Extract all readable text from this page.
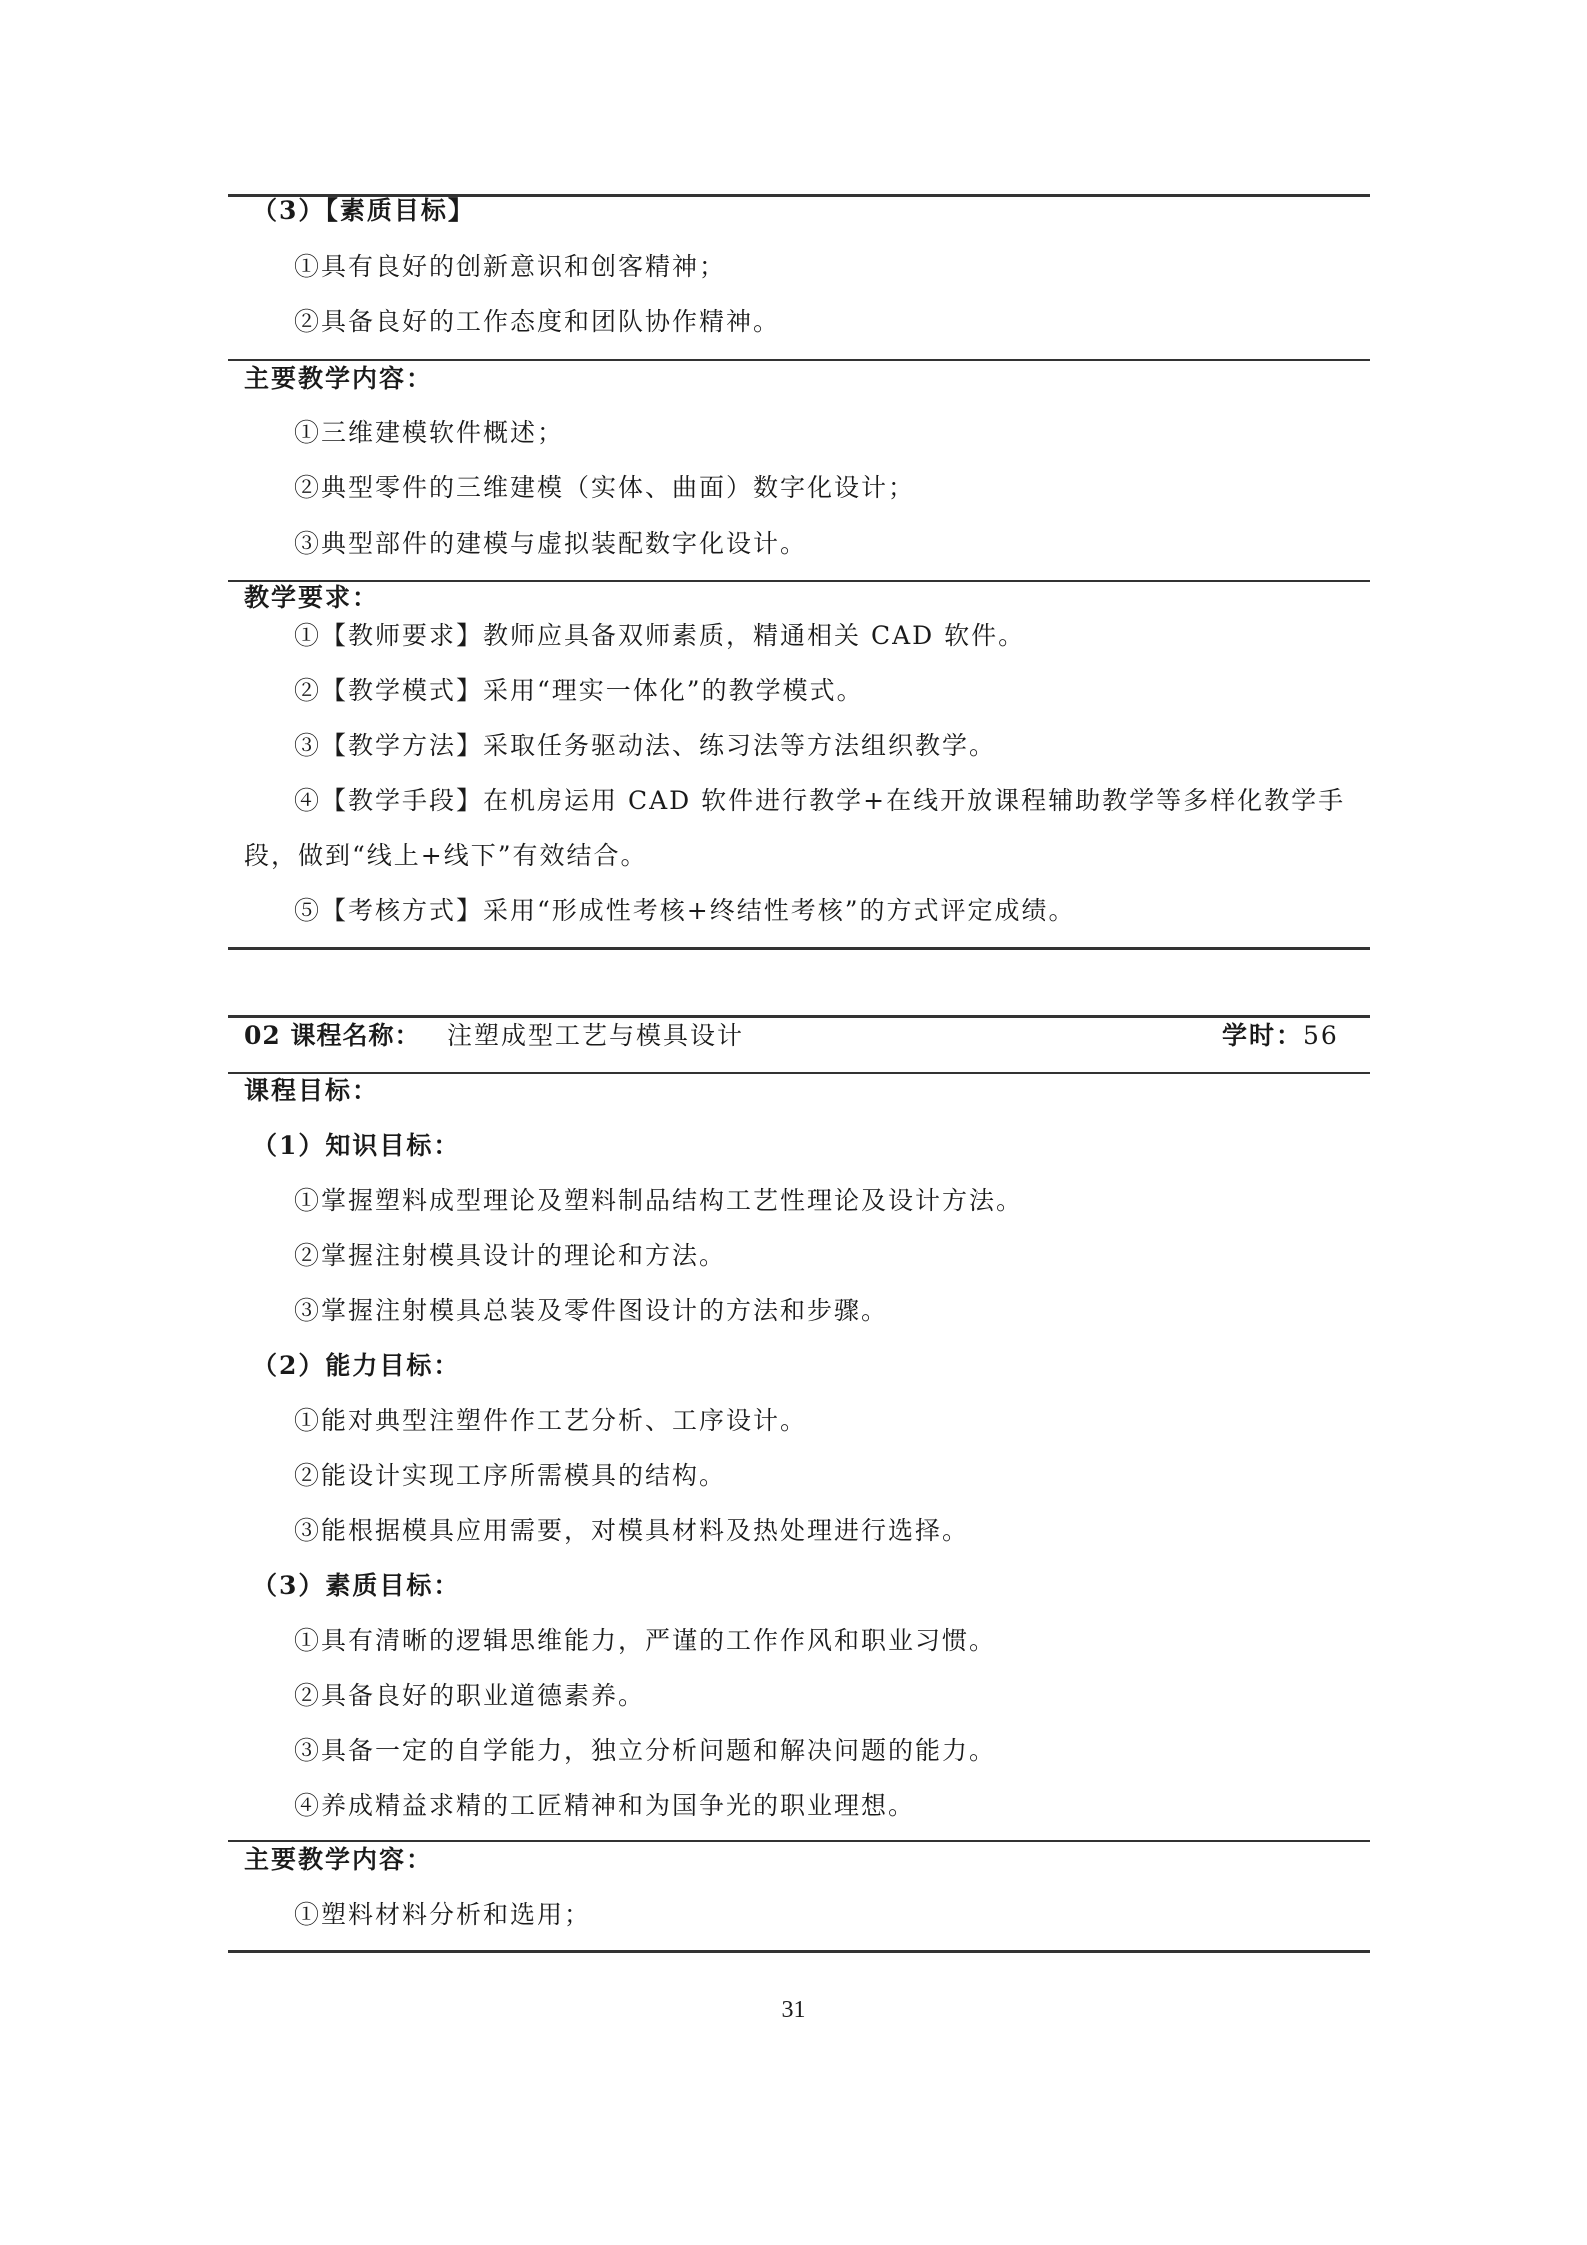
（3）【素质目标】
①具有良好的创新意识和创客精神；
②具备良好的工作态度和团队协作精神。
主要教学内容：
①三维建模软件概述；
②典型零件的三维建模（实体、曲面）数字化设计；
③典型部件的建模与虚拟装配数字化设计。
教学要求：
①【教师要求】教师应具备双师素质，精通相关 CAD 软件。
②【教学模式】采用“理实一体化”的教学模式。
③【教学方法】采取任务驱动法、练习法等方法组织教学。
④【教学手段】在机房运用 CAD 软件进行教学+在线开放课程辅助教学等多样化教学手
段，做到“线上+线下”有效结合。
⑤【考核方式】采用“形成性考核+终结性考核”的方式评定成绩。
02 课程名称： 注塑成型工艺与模具设计	学时：56
课程目标：
（1）知识目标：
①掌握塑料成型理论及塑料制品结构工艺性理论及设计方法。
②掌握注射模具设计的理论和方法。
③掌握注射模具总装及零件图设计的方法和步骤。
（2）能力目标：
①能对典型注塑件作工艺分析、工序设计。
②能设计实现工序所需模具的结构。
③能根据模具应用需要，对模具材料及热处理进行选择。
（3）素质目标：
①具有清晰的逻辑思维能力，严谨的工作作风和职业习惯。
②具备良好的职业道德素养。
③具备一定的自学能力，独立分析问题和解决问题的能力。
④养成精益求精的工匠精神和为国争光的职业理想。
主要教学内容：
①塑料材料分析和选用；
31
